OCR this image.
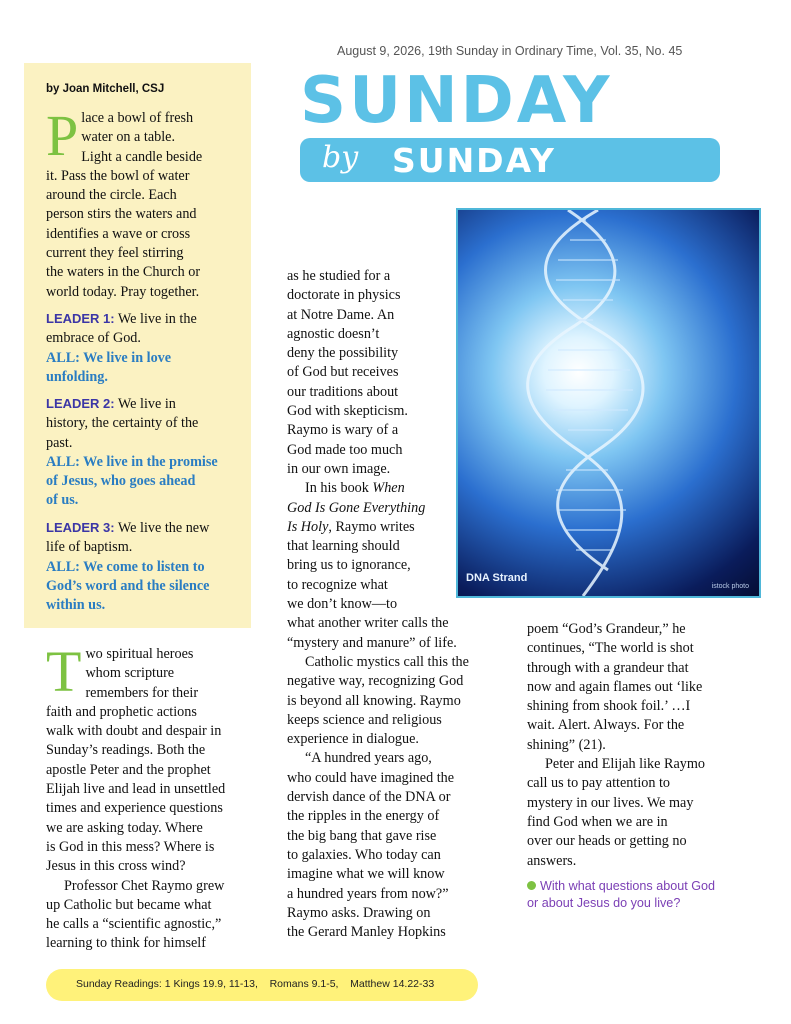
August 9, 2026, 19th Sunday in Ordinary Time, Vol. 35, No. 45
by Joan Mitchell, CSJ

P lace a bowl of fresh
water on a table.
Light a candle beside
it. Pass the bowl of water
around the circle. Each
person stirs the waters and
identifies a wave or cross
current they feel stirring
the waters in the Church or
world today. Pray together.

LEADER 1: We live in the
embrace of God.
ALL: We live in love
unfolding.
LEADER 2: We live in
history, the certainty of the
past.
ALL: We live in the promise
of Jesus, who goes ahead
of us.
LEADER 3: We live the new
life of baptism.
ALL: We come to listen to
God’s word and the silence
within us.
SUNDAY
by SUNDAY
DNA Strand
istock photo
T wo spiritual heroes
whom scripture
remembers for their
faith and prophetic actions
walk with doubt and despair in
Sunday’s readings. Both the
apostle Peter and the prophet
Elijah live and lead in unsettled
times and experience questions
we are asking today. Where
is God in this mess? Where is
Jesus in this cross wind?
Professor Chet Raymo grew
up Catholic but became what
he calls a “scientific agnostic,”
learning to think for himself
as he studied for a
doctorate in physics
at Notre Dame. An
agnostic doesn’t
deny the possibility
of God but receives
our traditions about
God with skepticism.
Raymo is wary of a
God made too much
in our own image.
In his book When
God Is Gone Everything
Is Holy, Raymo writes
that learning should
bring us to ignorance,
to recognize what
we don’t know—to
what another writer calls the
“mystery and manure” of life.
Catholic mystics call this the
negative way, recognizing God
is beyond all knowing. Raymo
keeps science and religious
experience in dialogue.
“A hundred years ago,
who could have imagined the
dervish dance of the DNA or
the ripples in the energy of
the big bang that gave rise
to galaxies. Who today can
imagine what we will know
a hundred years from now?”
Raymo asks. Drawing on
the Gerard Manley Hopkins
poem “God’s Grandeur,” he
continues, “The world is shot
through with a grandeur that
now and again flames out ‘like
shining from shook foil.’ …I
wait. Alert. Always. For the
shining” (21).
Peter and Elijah like Raymo
call us to pay attention to
mystery in our lives. We may
find God when we are in
over our heads or getting no
answers.
With what questions about God
or about Jesus do you live?
Sunday Readings: 1 Kings 19.9, 11-13,    Romans 9.1-5,    Matthew 14.22-33
